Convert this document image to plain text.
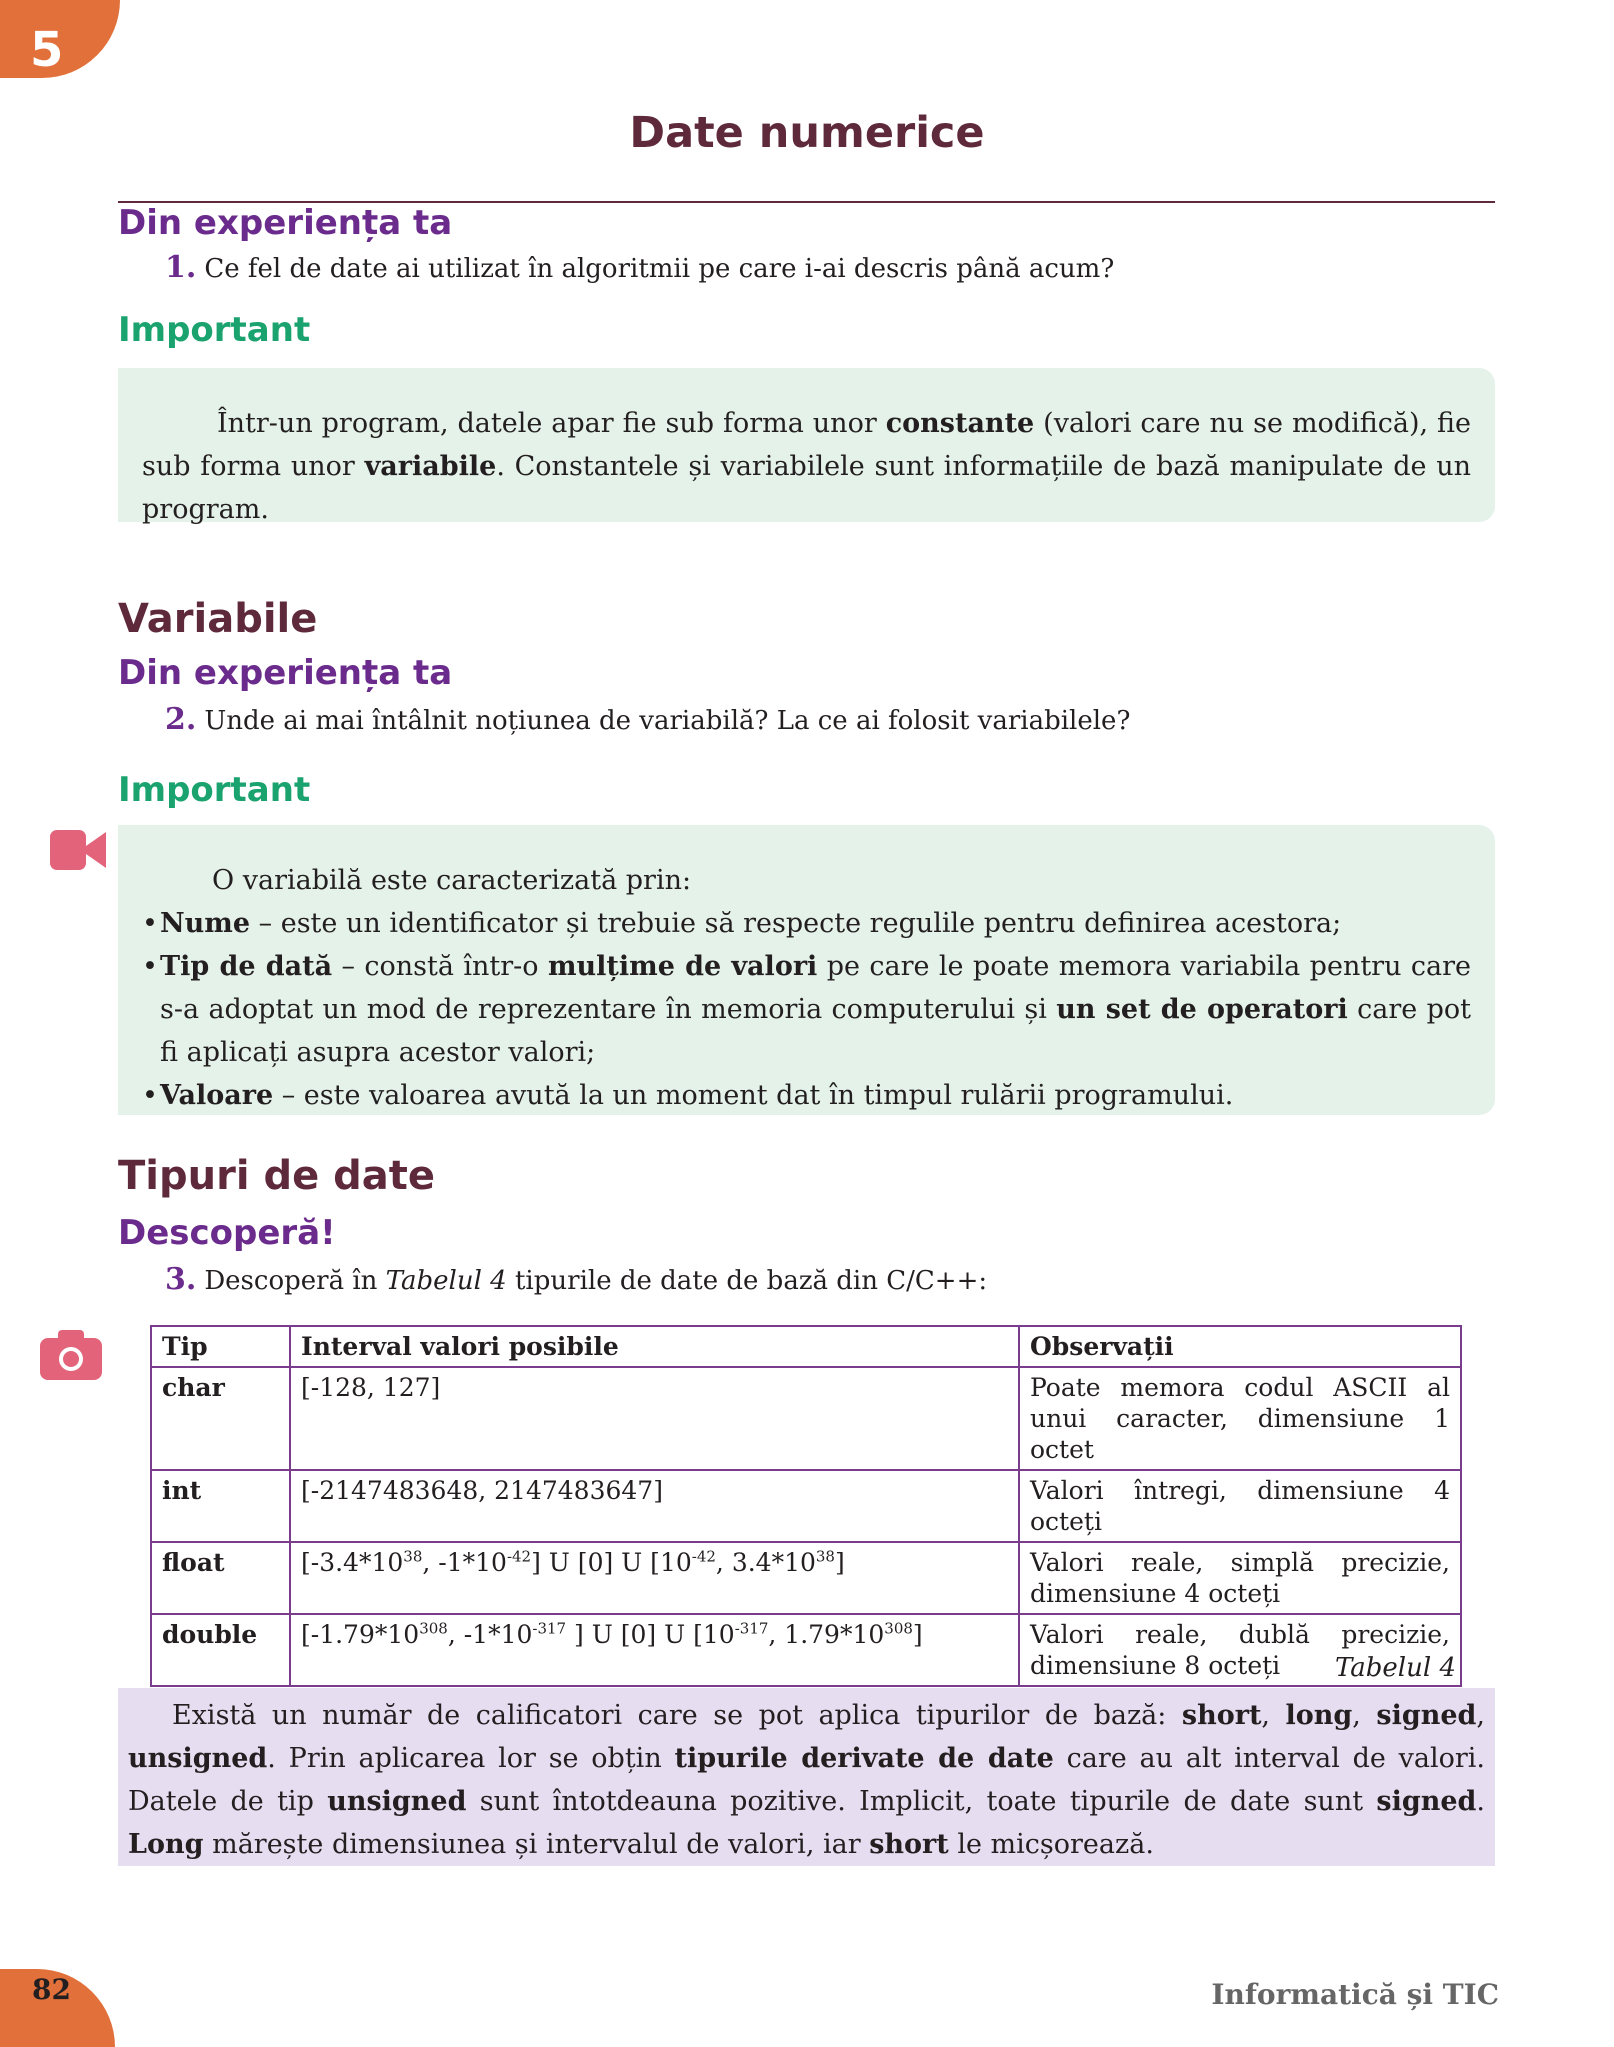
5
Date numerice
Din experiența ta
1. Ce fel de date ai utilizat în algoritmii pe care i-ai descris până acum?
Important

Într-un program, datele apar fie sub forma unor constante (valori care nu se modifică), fie sub forma unor variabile. Constantele și variabilele sunt informațiile de bază manipulate de un program.

Variabile
Din experiența ta
2. Unde ai mai întâlnit noțiunea de variabilă? La ce ai folosit variabilele?
Important

O variabilă este caracterizată prin:

• Nume – este un identificator și trebuie să respecte regulile pentru definirea acestora;
• Tip de dată – constă într-o mulțime de valori pe care le poate memora variabila pentru care s-a adoptat un mod de reprezentare în memoria computerului și un set de operatori care pot fi aplicați asupra acestor valori;
• Valoare – este valoarea avută la un moment dat în timpul rulării programului.
Tipuri de date
Descoperă!
3. Descoperă în Tabelul 4 tipurile de date de bază din C/C++:
Tip	Interval valori posibile	Observații
char	[-128, 127]	Poate memora codul ASCII al unui caracter, dimensiune 1 octet
int	[-2147483648, 2147483647]	Valori întregi, dimensiune 4 octeți
float	[$-3.4*10^{38}$, $-1*10^{-42}$] U [0] U [$10^{-42}$, $3.4*10^{38}$]	Valori reale, simplă precizie, dimensiune 4 octeți
double	[$-1.79*10^{308}$, $-1*10^{-317}$ ] U [0] U [$10^{-317}$, $1.79*10^{308}$]	Valori reale, dublă precizie, dimensiune 8 octeți Tabelul 4

Există un număr de calificatori care se pot aplica tipurilor de bază: short, long, signed, unsigned. Prin aplicarea lor se obțin tipurile derivate de date care au alt interval de valori. Datele de tip unsigned sunt întotdeauna pozitive. Implicit, toate tipurile de date sunt signed. Long mărește dimensiunea și intervalul de valori, iar short le micșorează.

82	Informatică și TIC
